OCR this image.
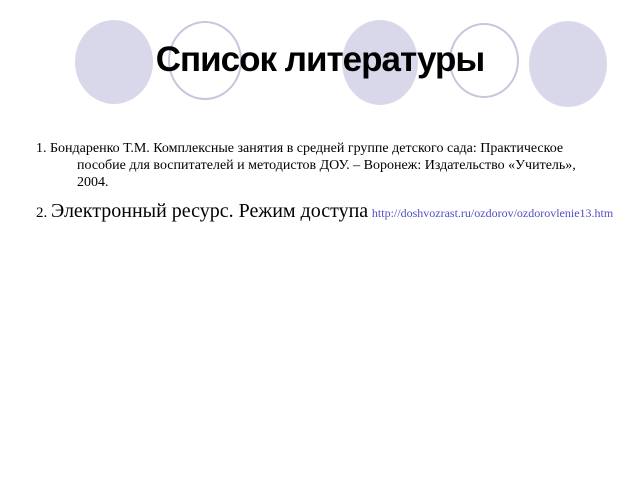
Список литературы

1. Бондаренко Т.М. Комплексные занятия в средней группе детского сада: Практическое пособие для воспитателей и методистов ДОУ. – Воронеж: Издательство «Учитель», 2004.

2. Электронный ресурс. Режим доступа http://doshvozrast.ru/ozdorov/ozdorovlenie13.htm
